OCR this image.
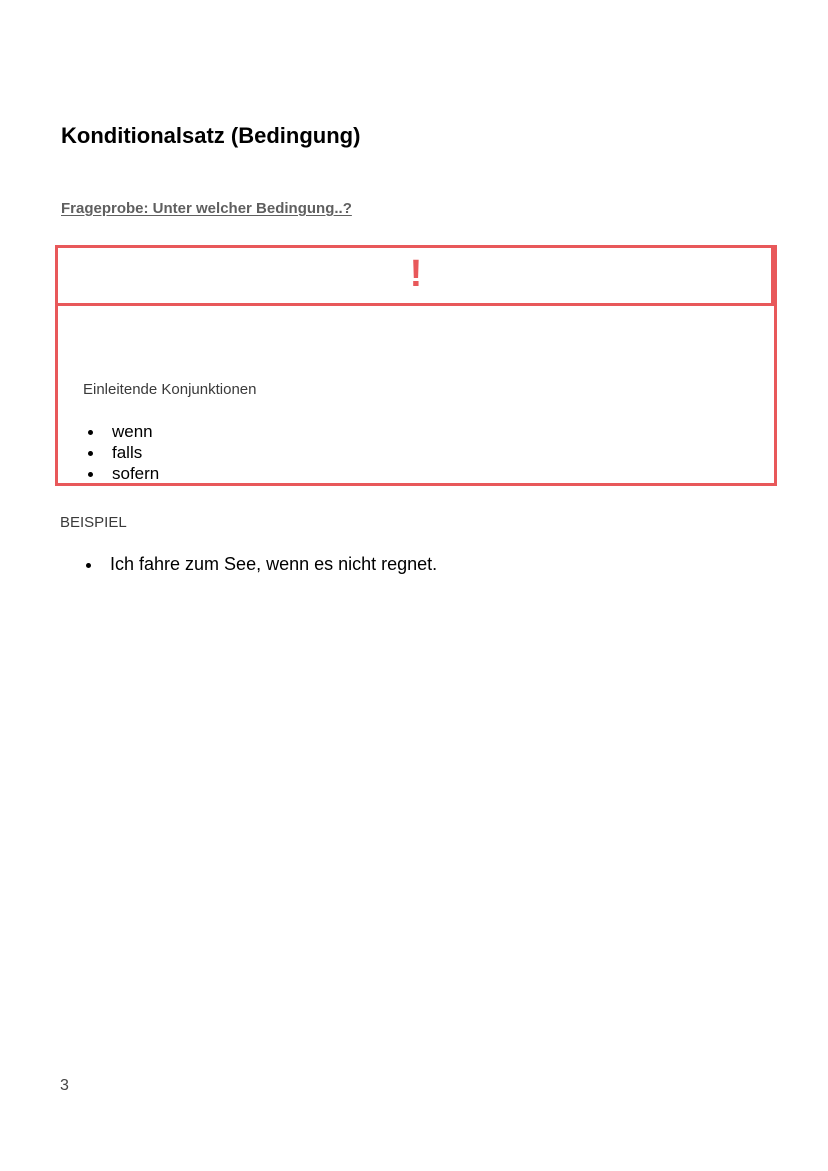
Konditionalsatz (Bedingung)
Frageprobe: Unter welcher Bedingung..?
!
Einleitende Konjunktionen
wenn
falls
sofern
BEISPIEL
Ich fahre zum See, wenn es nicht regnet.
3
